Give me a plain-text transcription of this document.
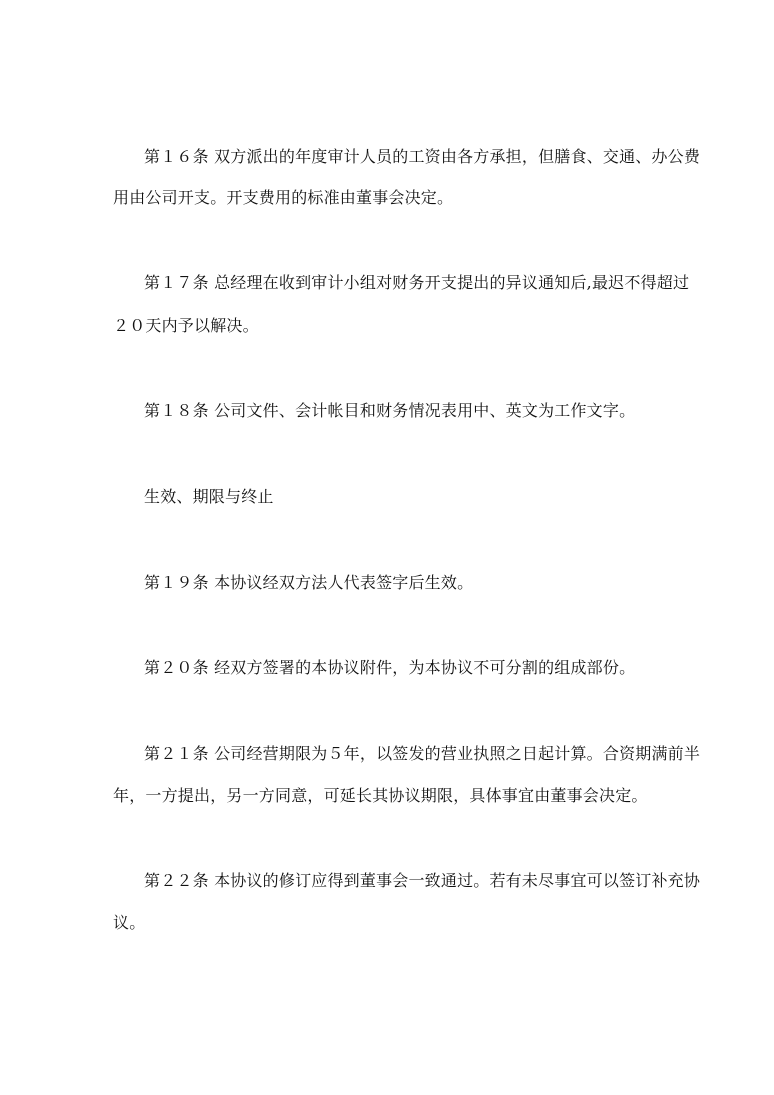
第１６条 双方派出的年度审计人员的工资由各方承担，但膳食、交通、办公费
用由公司开支。开支费用的标准由董事会决定。
第１７条 总经理在收到审计小组对财务开支提出的异议通知后,最迟不得超过
２０天内予以解决。
第１８条 公司文件、会计帐目和财务情况表用中、英文为工作文字。
生效、期限与终止
第１９条 本协议经双方法人代表签字后生效。
第２０条 经双方签署的本协议附件，为本协议不可分割的组成部份。
第２１条 公司经营期限为５年，以签发的营业执照之日起计算。合资期满前半
年，一方提出，另一方同意，可延长其协议期限，具体事宜由董事会决定。
第２２条 本协议的修订应得到董事会一致通过。若有未尽事宜可以签订补充协
议。
